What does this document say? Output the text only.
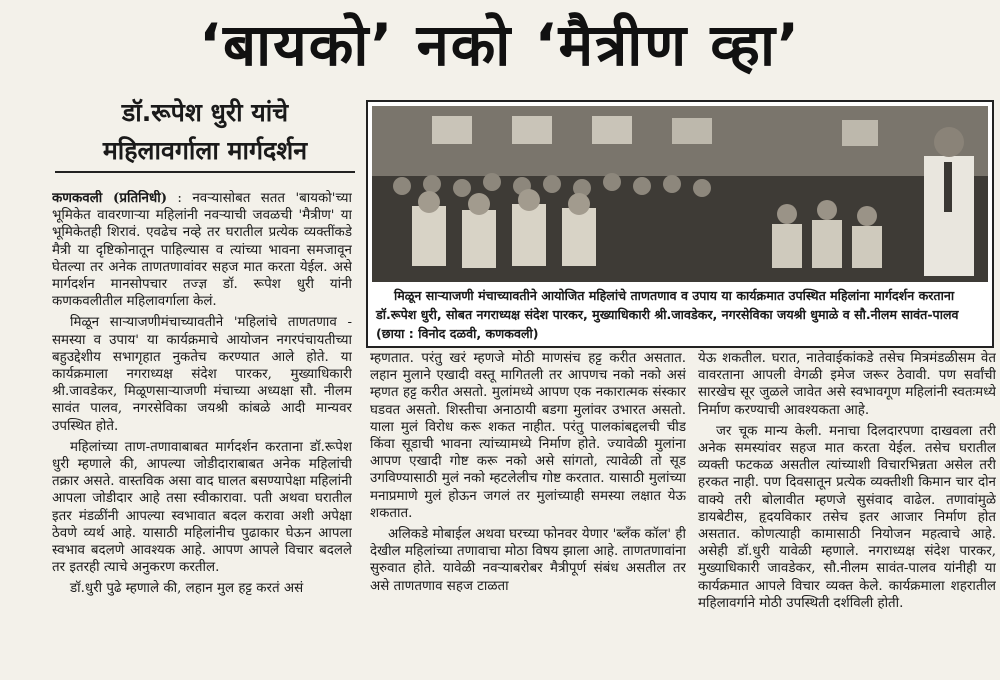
‘बायको’ नको ‘मैत्रीण व्हा’
डॉ.रूपेश धुरी यांचे
महिलावर्गाला मार्गदर्शन

कणकवली (प्रतिनिधी) : नवऱ्यासोबत सतत 'बायको'च्या भूमिकेत वावरणाऱ्या महिलांनी नवऱ्याची जवळची 'मैत्रीण' या भूमिकेतही शिरावं. एवढेच नव्हे तर घरातील प्रत्येक व्यक्तींकडे मैत्री या दृष्टिकोनातून पाहिल्यास व त्यांच्या भावना समजावून घेतल्या तर अनेक ताणतणावांवर सहज मात करता येईल. असे मार्गदर्शन मानसोपचार तज्ज्ञ डॉ. रूपेश धुरी यांनी कणकवलीतील महिलावर्गाला केलं.

मिळून साऱ्याजणीमंचाच्यावतीने 'महिलांचे ताणतणाव - समस्या व उपाय' या कार्यक्रमाचे आयोजन नगरपंचायतीच्या बहुउद्देशीय सभागृहात नुकतेच करण्यात आले होते. या कार्यक्रमाला नगराध्यक्ष संदेश पारकर, मुख्याधिकारी श्री.जावडेकर, मिळूणसाऱ्याजणी मंचाच्या अध्यक्षा सौ. नीलम सावंत पालव, नगरसेविका जयश्री कांबळे आदी मान्यवर उपस्थित होते.

महिलांच्या ताण-तणावाबाबत मार्गदर्शन करताना डॉ.रूपेश धुरी म्हणाले की, आपल्या जोडीदाराबाबत अनेक महिलांची तक्रार असते. वास्तविक असा वाद घालत बसण्यापेक्षा महिलांनी आपला जोडीदार आहे तसा स्वीकारावा. पती अथवा घरातील इतर मंडळींनी आपल्या स्वभावात बदल करावा अशी अपेक्षा ठेवणे व्यर्थ आहे. यासाठी महिलांनीच पुढाकार घेऊन आपला स्वभाव बदलणे आवश्यक आहे. आपण आपले विचार बदलले तर इतरही त्याचे अनुकरण करतील.

डॉ.धुरी पुढे म्हणाले की, लहान मुल हट्ट करतं असं

मिळून साऱ्याजणी मंचाच्यावतीने आयोजित महिलांचे ताणतणाव व उपाय या कार्यक्रमात उपस्थित महिलांना मार्गदर्शन करताना डॉ.रूपेश धुरी, सोबत नगराध्यक्ष संदेश पारकर, मुख्याधिकारी श्री.जावडेकर, नगरसेविका जयश्री धुमाळे व सौ.नीलम सावंत-पालव (छाया : विनोद दळवी, कणकवली)

म्हणतात. परंतु खरं म्हणजे मोठी माणसंच हट्ट करीत असतात. लहान मुलाने एखादी वस्तू मागितली तर आपणच नको नको असं म्हणत हट्ट करीत असतो. मुलांमध्ये आपण एक नकारात्मक संस्कार घडवत असतो. शिस्तीचा अनाठायी बडगा मुलांवर उभारत असतो. याला मुलं विरोध करू शकत नाहीत. परंतु पालकांबद्दलची चीड किंवा सूडाची भावना त्यांच्यामध्ये निर्माण होते. ज्यावेळी मुलांना आपण एखादी गोष्ट करू नको असे सांगतो, त्यावेळी तो सूड उगविण्यासाठी मुलं नको म्हटलेलीच गोष्ट करतात. यासाठी मुलांच्या मनाप्रमाणे मुलं होऊन जगलं तर मुलांच्याही समस्या लक्षात येऊ शकतात.

अलिकडे मोबाईल अथवा घरच्या फोनवर येणार 'ब्लॅंक कॉल' ही देखील महिलांच्या तणावाचा मोठा विषय झाला आहे. ताणतणावांना सुरुवात होते. यावेळी नवऱ्याबरोबर मैत्रीपूर्ण संबंध असतील तर असे ताणतणाव सहज टाळता

येऊ शकतील. घरात, नातेवाईकांकडे तसेच मित्रमंडळीसम वेत वावरताना आपली वेगळी इमेज जरूर ठेवावी. पण सर्वांची सारखेच सूर जुळले जावेत असे स्वभावगूण महिलांनी स्वतःमध्ये निर्माण करण्याची आवश्यकता आहे.

जर चूक मान्य केली. मनाचा दिलदारपणा दाखवला तरी अनेक समस्यांवर सहज मात करता येईल. तसेच घरातील व्यक्ती फटकळ असतील त्यांच्याशी विचारभिन्नता असेल तरी हरकत नाही. पण दिवसातून प्रत्येक व्यक्तीशी किमान चार दोन वाक्ये तरी बोलावीत म्हणजे सुसंवाद वाढेल. तणावांमुळे डायबेटीस, हृदयविकार तसेच इतर आजार निर्माण होत असतात. कोणत्याही कामासाठी नियोजन महत्वाचे आहे. असेही डॉ.धुरी यावेळी म्हणाले. नगराध्यक्ष संदेश पारकर, मुख्याधिकारी जावडेकर, सौ.नीलम सावंत-पालव यांनीही या कार्यक्रमात आपले विचार व्यक्त केले. कार्यक्रमाला शहरातील महिलावर्गाने मोठी उपस्थिती दर्शविली होती.
